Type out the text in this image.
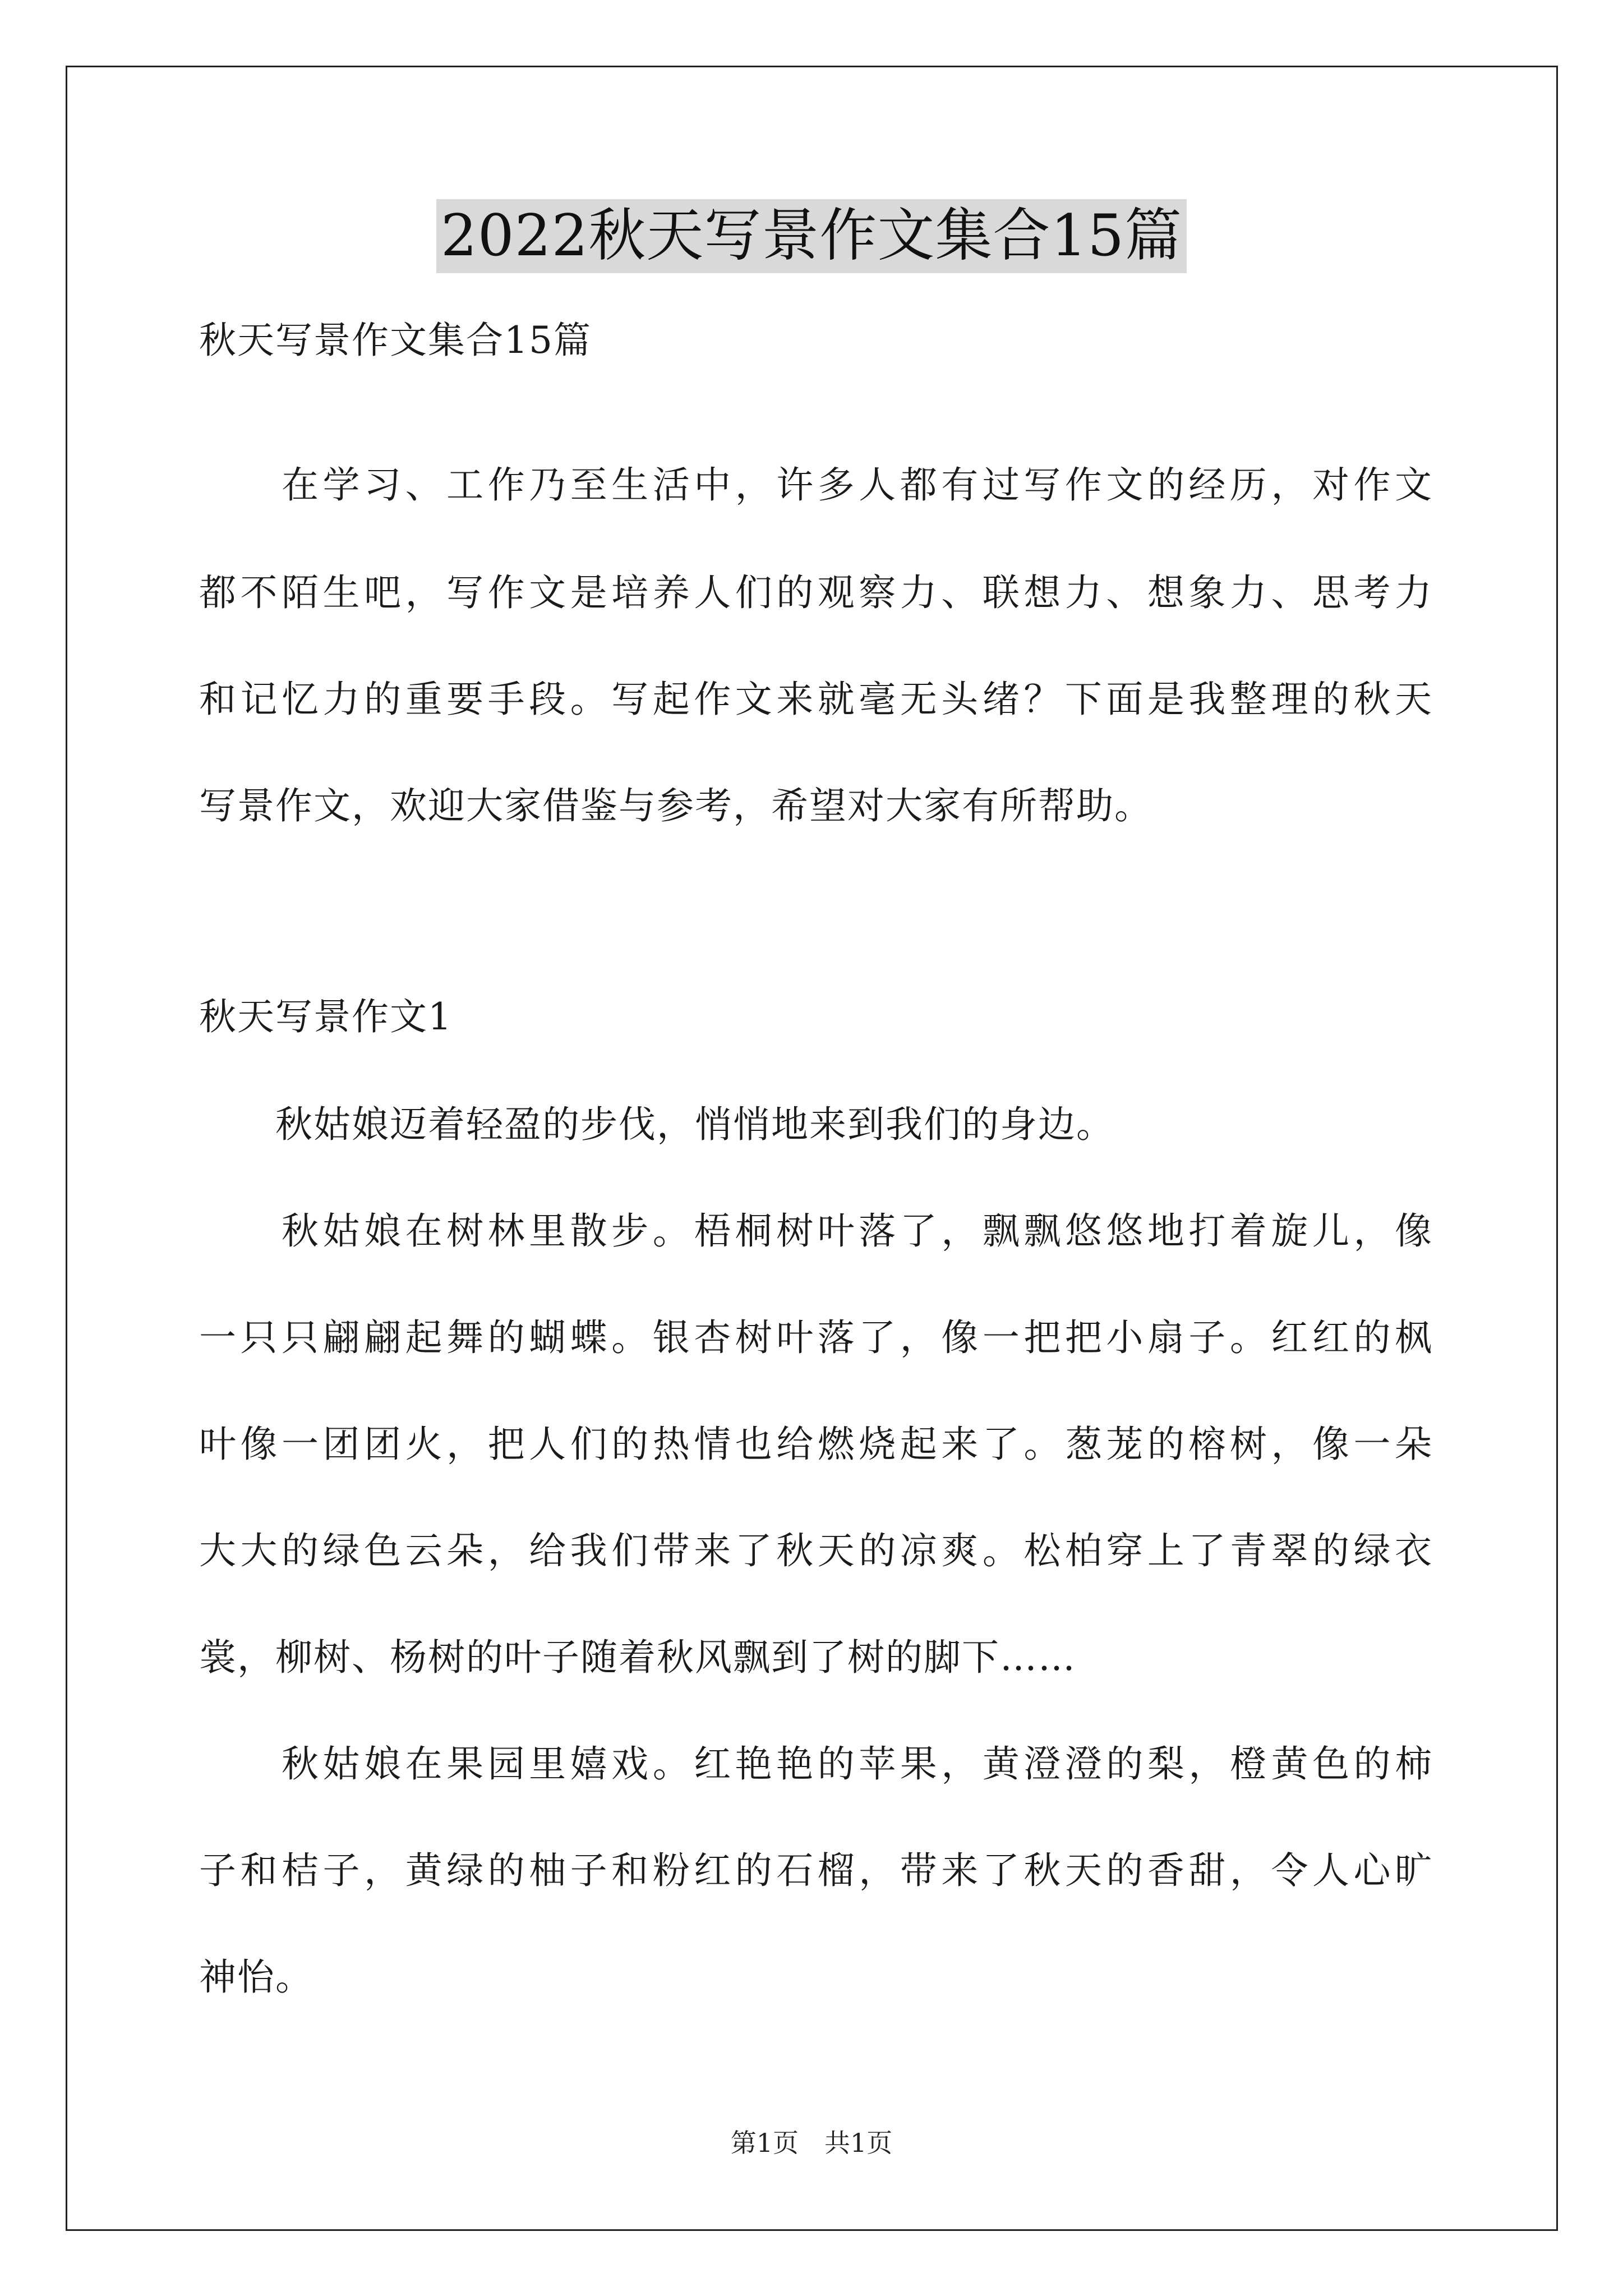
2022秋天写景作文集合15篇
秋天写景作文集合15篇
　　在学习、工作乃至生活中，许多人都有过写作文的经历，对作文
都不陌生吧，写作文是培养人们的观察力、联想力、想象力、思考力
和记忆力的重要手段。写起作文来就毫无头绪？下面是我整理的秋天
写景作文，欢迎大家借鉴与参考，希望对大家有所帮助。
秋天写景作文1
　　秋姑娘迈着轻盈的步伐，悄悄地来到我们的身边。
　　秋姑娘在树林里散步。梧桐树叶落了，飘飘悠悠地打着旋儿，像
一只只翩翩起舞的蝴蝶。银杏树叶落了，像一把把小扇子。红红的枫
叶像一团团火，把人们的热情也给燃烧起来了。葱茏的榕树，像一朵
大大的绿色云朵，给我们带来了秋天的凉爽。松柏穿上了青翠的绿衣
裳，柳树、杨树的叶子随着秋风飘到了树的脚下……
　　秋姑娘在果园里嬉戏。红艳艳的苹果，黄澄澄的梨，橙黄色的柿
子和桔子，黄绿的柚子和粉红的石榴，带来了秋天的香甜，令人心旷
神怡。
第1页　共1页
